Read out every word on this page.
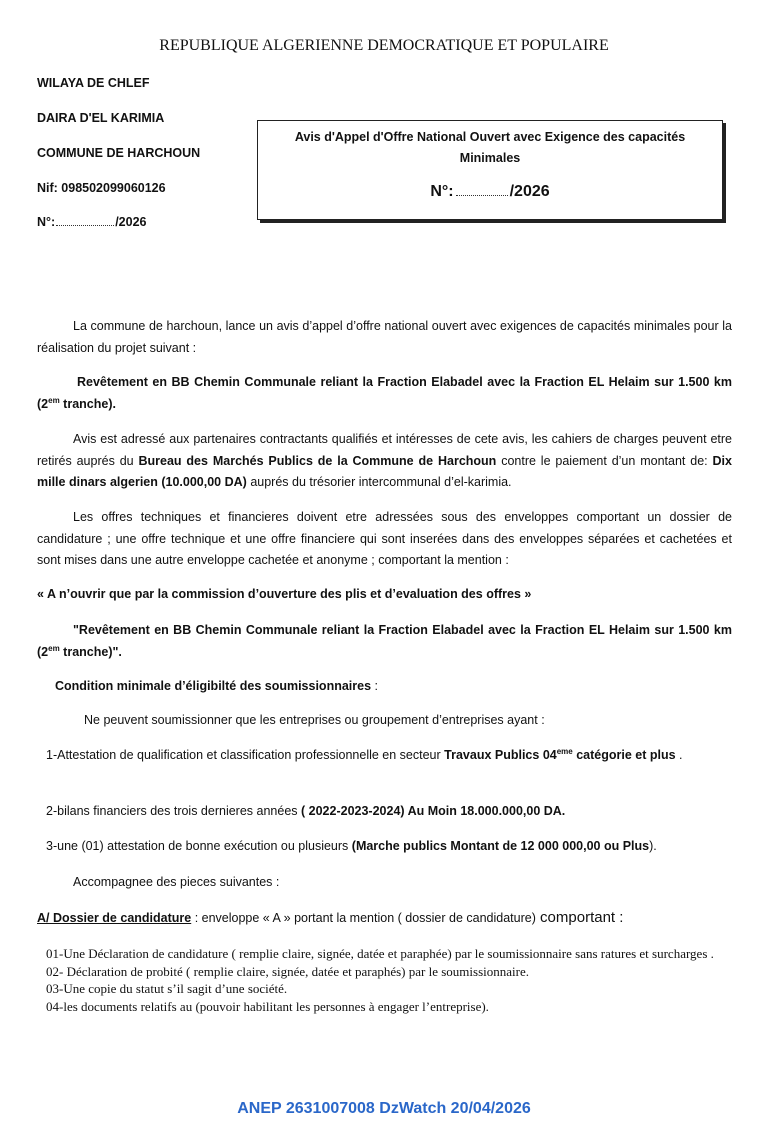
REPUBLIQUE ALGERIENNE DEMOCRATIQUE ET POPULAIRE
WILAYA DE CHLEF
DAIRA D'EL KARIMIA
COMMUNE DE HARCHOUN
Nif: 098502099060126
N°:	/2026
Avis d'Appel d'Offre National Ouvert avec Exigence des capacités Minimales
N°:	/2026
La commune de harchoun, lance un avis d’appel d’offre national ouvert avec exigences de capacités minimales pour la réalisation du projet suivant :
Revêtement en BB Chemin Communale reliant la Fraction Elabadel avec la Fraction EL Helaim sur 1.500 km ($2^{em}$ tranche).
Avis est adressé aux partenaires contractants qualifiés et intéresses de cete avis, les cahiers de charges peuvent etre retirés auprés du Bureau des Marchés Publics de la Commune de Harchoun contre le paiement d’un montant de: Dix mille dinars algerien (10.000,00 DA) auprés du trésorier intercommunal d’el-karimia.
Les offres techniques et financieres doivent etre adressées sous des enveloppes comportant un dossier de candidature ; une offre technique et une offre financiere qui sont inserées dans des enveloppes séparées et cachetées et sont mises dans une autre enveloppe cachetée et anonyme ; comportant la mention :
« A n’ouvrir que par la commission d’ouverture des plis et d’evaluation des offres »
"Revêtement en BB Chemin Communale reliant la Fraction Elabadel avec la Fraction EL Helaim sur 1.500 km ($2^{em}$ tranche)".
Condition minimale d’éligibilté des soumissionnaires :
Ne peuvent soumissionner que les entreprises ou groupement d’entreprises ayant :
1-Attestation de qualification et classification professionnelle en secteur Travaux Publics 04eme catégorie et plus .
2-bilans financiers des trois dernieres années ( 2022-2023-2024) Au Moin 18.000.000,00 DA.
3-une (01) attestation de bonne exécution ou plusieurs (Marche publics Montant de 12 000 000,00 ou Plus).
Accompagnee des pieces suivantes :
A/ Dossier de candidature : enveloppe « A » portant la mention ( dossier de candidature) comportant :
01-Une Déclaration de candidature ( remplie claire, signée, datée et paraphée) par le soumissionnaire sans ratures et surcharges .
02- Déclaration de probité ( remplie claire, signée, datée et paraphés) par le soumissionnaire.
03-Une copie du statut s’il sagit d’une société.
04-les documents relatifs au (pouvoir habilitant les personnes à engager l’entreprise).
ANEP 2631007008 DzWatch 20/04/2026
